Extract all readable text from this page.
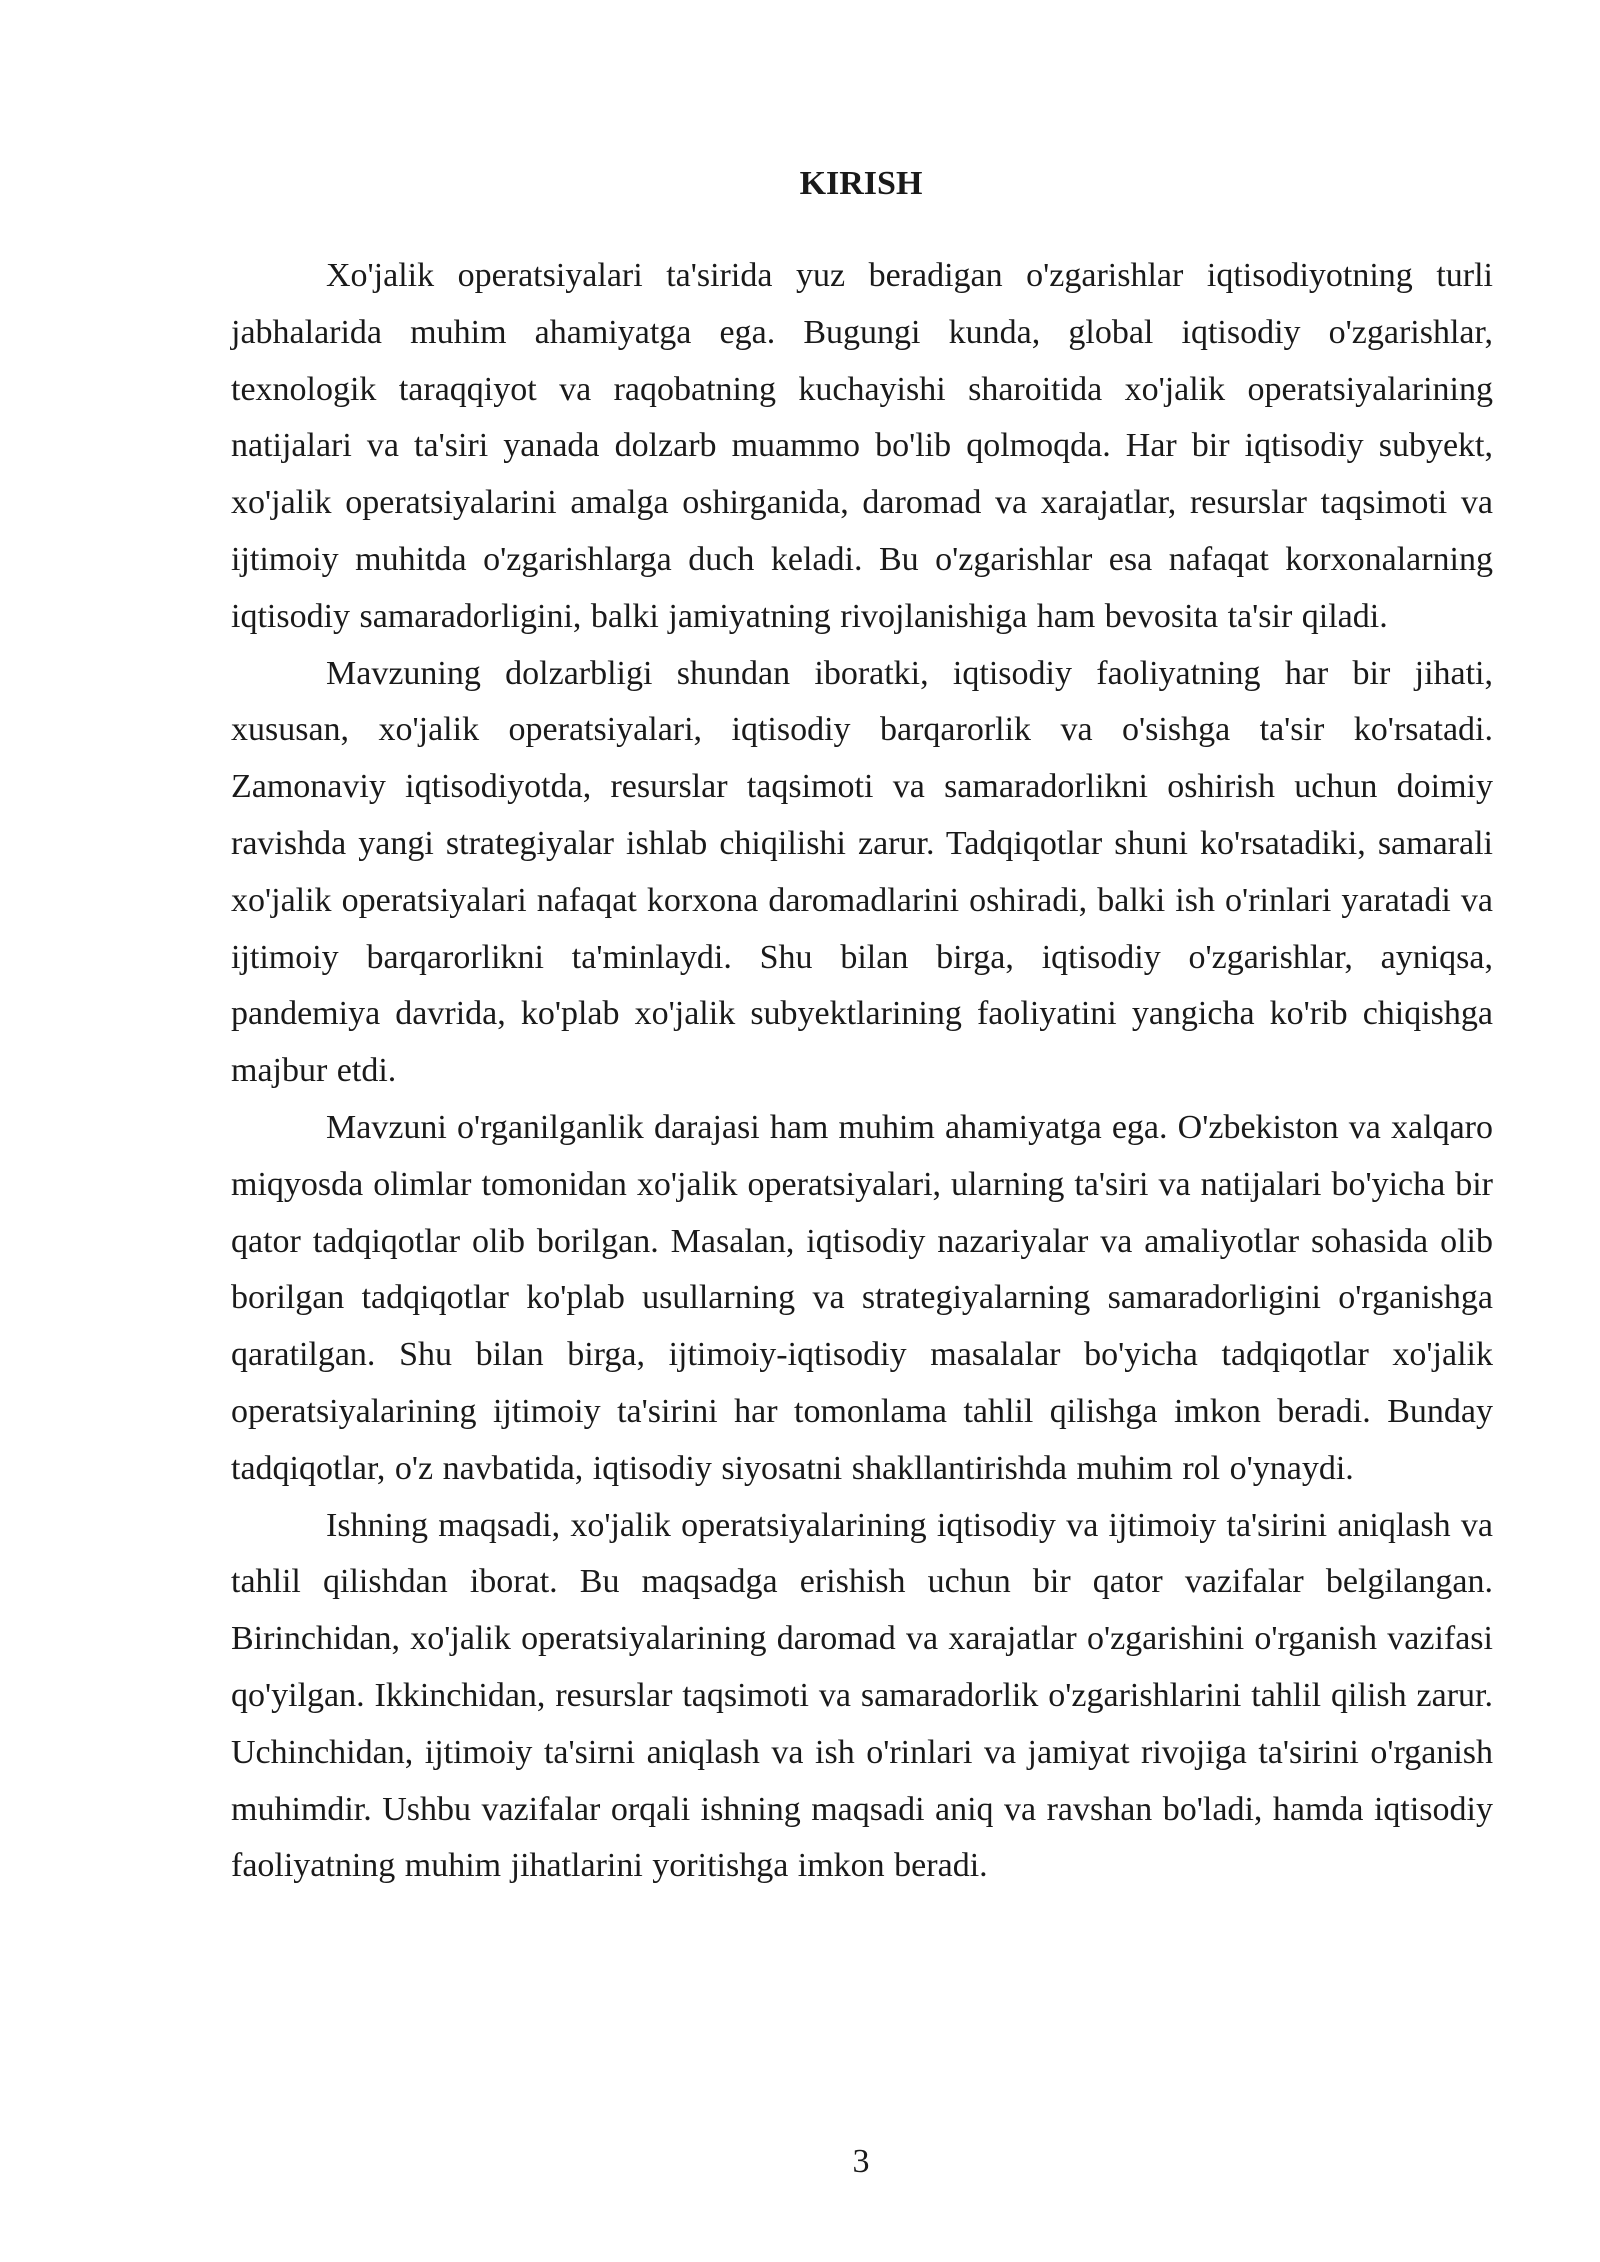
KIRISH

Xo'jalik operatsiyalari ta'sirida yuz beradigan o'zgarishlar iqtisodiyotning turli jabhalarida muhim ahamiyatga ega. Bugungi kunda, global iqtisodiy o'zgarishlar, texnologik taraqqiyot va raqobatning kuchayishi sharoitida xo'jalik operatsiyalarining natijalari va ta'siri yanada dolzarb muammo bo'lib qolmoqda. Har bir iqtisodiy subyekt, xo'jalik operatsiyalarini amalga oshirganida, daromad va xarajatlar, resurslar taqsimoti va ijtimoiy muhitda o'zgarishlarga duch keladi. Bu o'zgarishlar esa nafaqat korxonalarning iqtisodiy samaradorligini, balki jamiyatning rivojlanishiga ham bevosita ta'sir qiladi.

Mavzuning dolzarbligi shundan iboratki, iqtisodiy faoliyatning har bir jihati, xususan, xo'jalik operatsiyalari, iqtisodiy barqarorlik va o'sishga ta'sir ko'rsatadi. Zamonaviy iqtisodiyotda, resurslar taqsimoti va samaradorlikni oshirish uchun doimiy ravishda yangi strategiyalar ishlab chiqilishi zarur. Tadqiqotlar shuni ko'rsatadiki, samarali xo'jalik operatsiyalari nafaqat korxona daromadlarini oshiradi, balki ish o'rinlari yaratadi va ijtimoiy barqarorlikni ta'minlaydi. Shu bilan birga, iqtisodiy o'zgarishlar, ayniqsa, pandemiya davrida, ko'plab xo'jalik subyektlarining faoliyatini yangicha ko'rib chiqishga majbur etdi.

Mavzuni o'rganilganlik darajasi ham muhim ahamiyatga ega. O'zbekiston va xalqaro miqyosda olimlar tomonidan xo'jalik operatsiyalari, ularning ta'siri va natijalari bo'yicha bir qator tadqiqotlar olib borilgan. Masalan, iqtisodiy nazariyalar va amaliyotlar sohasida olib borilgan tadqiqotlar ko'plab usullarning va strategiyalarning samaradorligini o'rganishga qaratilgan. Shu bilan birga, ijtimoiy-iqtisodiy masalalar bo'yicha tadqiqotlar xo'jalik operatsiyalarining ijtimoiy ta'sirini har tomonlama tahlil qilishga imkon beradi. Bunday tadqiqotlar, o'z navbatida, iqtisodiy siyosatni shakllantirishda muhim rol o'ynaydi.

Ishning maqsadi, xo'jalik operatsiyalarining iqtisodiy va ijtimoiy ta'sirini aniqlash va tahlil qilishdan iborat. Bu maqsadga erishish uchun bir qator vazifalar belgilangan. Birinchidan, xo'jalik operatsiyalarining daromad va xarajatlar o'zgarishini o'rganish vazifasi qo'yilgan. Ikkinchidan, resurslar taqsimoti va samaradorlik o'zgarishlarini tahlil qilish zarur. Uchinchidan, ijtimoiy ta'sirni aniqlash va ish o'rinlari va jamiyat rivojiga ta'sirini o'rganish muhimdir. Ushbu vazifalar orqali ishning maqsadi aniq va ravshan bo'ladi, hamda iqtisodiy faoliyatning muhim jihatlarini yoritishga imkon beradi.

3
